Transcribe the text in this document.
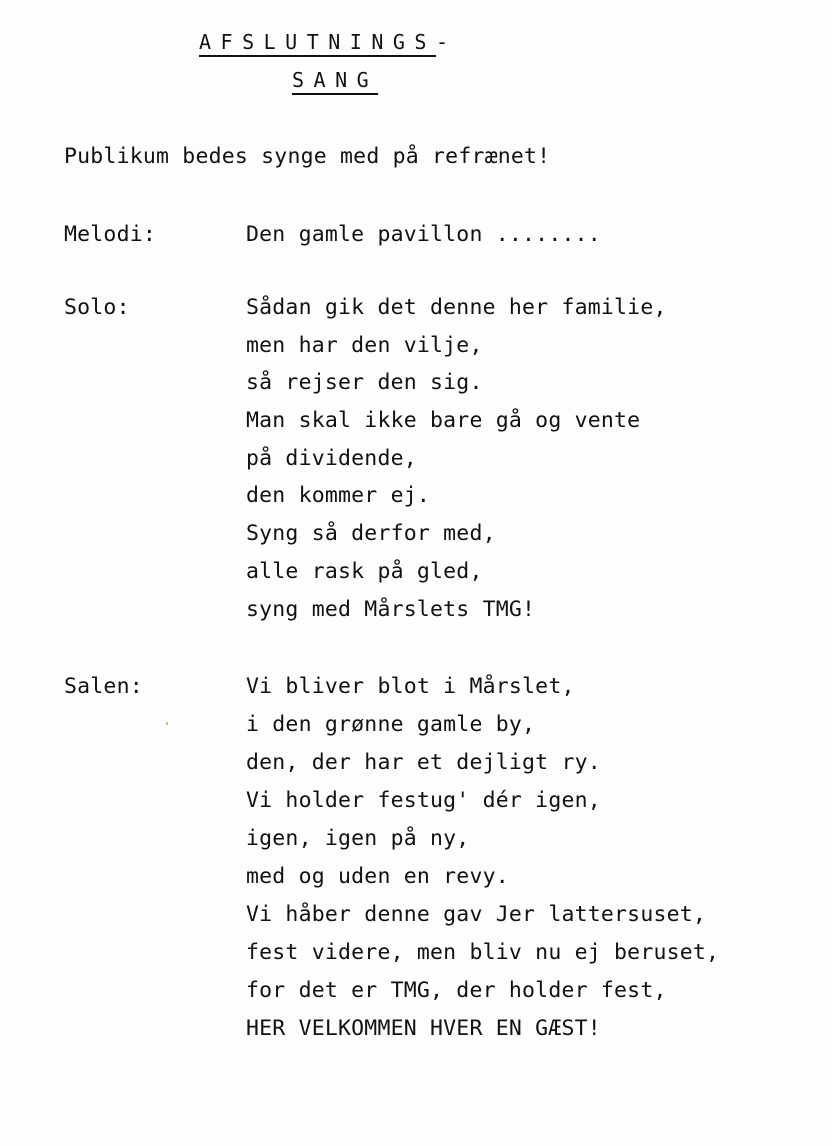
AFSLUTNINGS-
SANG
Publikum bedes synge med på refrænet!
Melodi:	Den gamle pavillon ........
Solo:	Sådan gik det denne her familie,
men har den vilje,
så rejser den sig.
Man skal ikke bare gå og vente
på dividende,
den kommer ej.
Syng så derfor med,
alle rask på gled,
syng med Mårslets TMG!
Salen:	Vi bliver blot i Mårslet,
i den grønne gamle by,
den, der har et dejligt ry.
Vi holder festug' dér igen,
igen, igen på ny,
med og uden en revy.
Vi håber denne gav Jer lattersuset,
fest videre, men bliv nu ej beruset,
for det er TMG, der holder fest,
HER VELKOMMEN HVER EN GÆST!
